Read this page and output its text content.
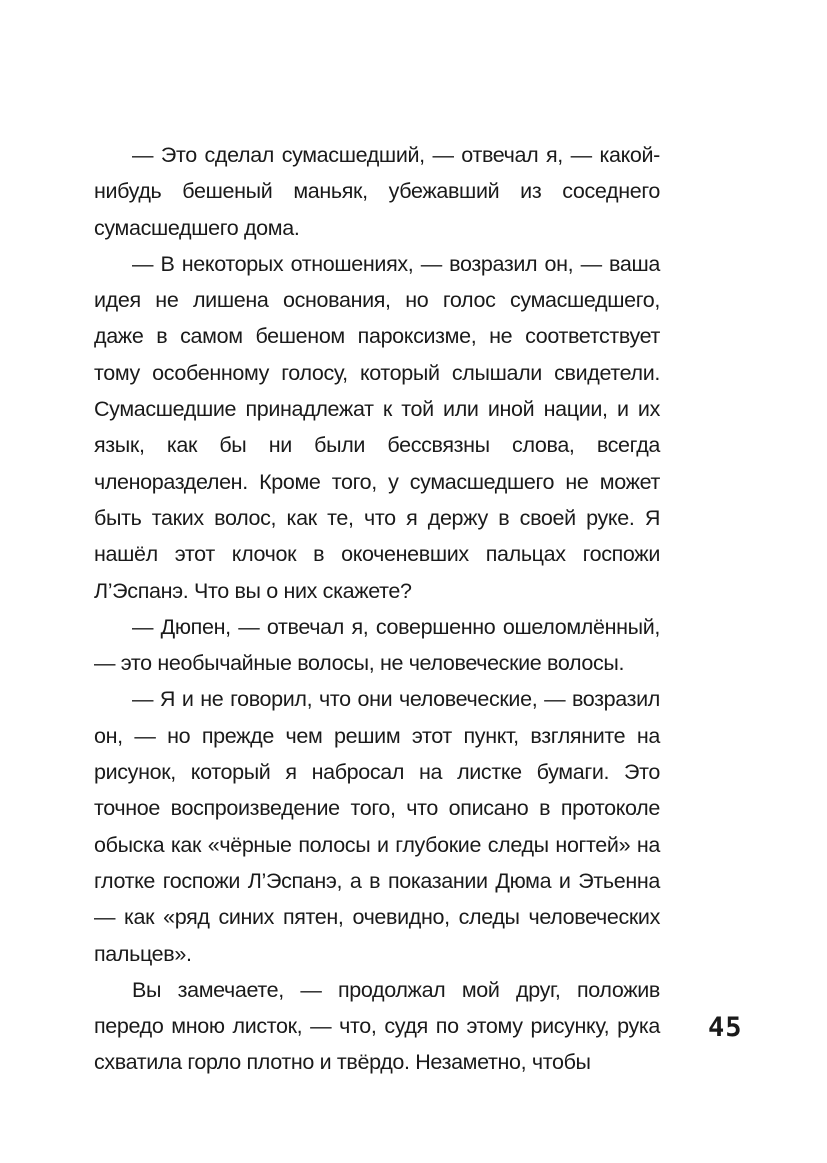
— Это сделал сумасшедший, — отвечал я, — какой-нибудь бешеный маньяк, убежавший из соседнего сумасшедшего дома.

— В некоторых отношениях, — возразил он, — ваша идея не лишена основания, но голос сумасшедшего, даже в самом бешеном пароксизме, не соответствует тому особенному голосу, который слышали свидетели. Сумасшедшие принадлежат к той или иной нации, и их язык, как бы ни были бессвязны слова, всегда членоразделен. Кроме того, у сумасшедшего не может быть таких волос, как те, что я держу в своей руке. Я нашёл этот клочок в окоченевших пальцах госпожи Л’Эспанэ. Что вы о них скажете?

— Дюпен, — отвечал я, совершенно ошеломлённый, — это необычайные волосы, не человеческие волосы.

— Я и не говорил, что они человеческие, — возразил он, — но прежде чем решим этот пункт, взгляните на рисунок, который я набросал на листке бумаги. Это точное воспроизведение того, что описано в протоколе обыска как «чёрные полосы и глубокие следы ногтей» на глотке госпожи Л’Эспанэ, а в показании Дюма и Этьенна — как «ряд синих пятен, очевидно, следы человеческих пальцев».

Вы замечаете, — продолжал мой друг, положив передо мною листок, — что, судя по этому рисунку, рука схватила горло плотно и твёрдо. Незаметно, чтобы

45
